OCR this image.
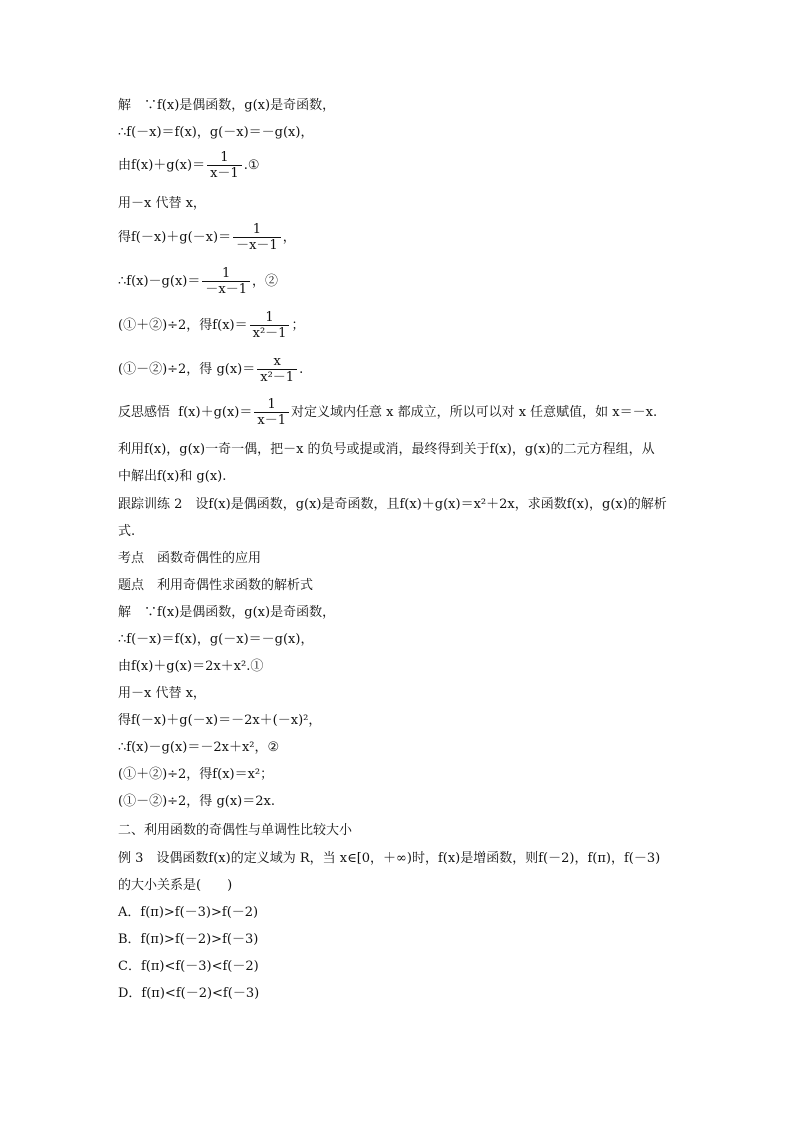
解　∵f(x)是偶函数，g(x)是奇函数，
∴f(－x)＝f(x)，g(－x)＝－g(x)，
由$f(x)+g(x)= \frac{1}{x-1}$ .①
用－x 代替 x，
得$f(-x)+g(-x)= \frac{1}{-x-1}$ ，
∴f(x)－g(x)＝ $\frac{1}{-x-1}$ ，②
(①＋②)÷2，得$f(x)= \frac{1}{\text{x²－1}}$ ；
(①－②)÷2，得 $g(x)= \frac{x}{\text{x²－1}}$ .
反思感悟 $f(x)+g(x)= \frac{1}{x-1}$ 对定义域内任意 x 都成立，所以可以对 x 任意赋值，如 x＝－x.
利用f(x)，g(x)一奇一偶，把－x 的负号或提或消，最终得到关于f(x)，g(x)的二元方程组，从
中解出f(x)和 g(x).
跟踪训练 2　设f(x)是偶函数，g(x)是奇函数，且f(x)＋g(x)＝x²＋2x，求函数f(x)，g(x)的解析
式.
考点　函数奇偶性的应用
题点　利用奇偶性求函数的解析式
解　∵f(x)是偶函数，g(x)是奇函数，
∴f(－x)＝f(x)，g(－x)＝－g(x)，
由f(x)＋g(x)＝2x＋x².①
用－x 代替 x，
得f(－x)＋g(－x)＝－2x＋(－x)²，
∴f(x)－g(x)＝－2x＋x²，②
(①＋②)÷2，得f(x)＝x²；
(①－②)÷2，得 g(x)＝2x.
二、利用函数的奇偶性与单调性比较大小
例 3　设偶函数f(x)的定义域为 R，当 x∈[0，＋∞)时，f(x)是增函数，则f(－2)，f(π)，f(－3)
的大小关系是(　　)
A．f(π)>f(－3)>f(－2)
B．f(π)>f(－2)>f(－3)
C．f(π)<f(－3)<f(－2)
D．f(π)<f(－2)<f(－3)
